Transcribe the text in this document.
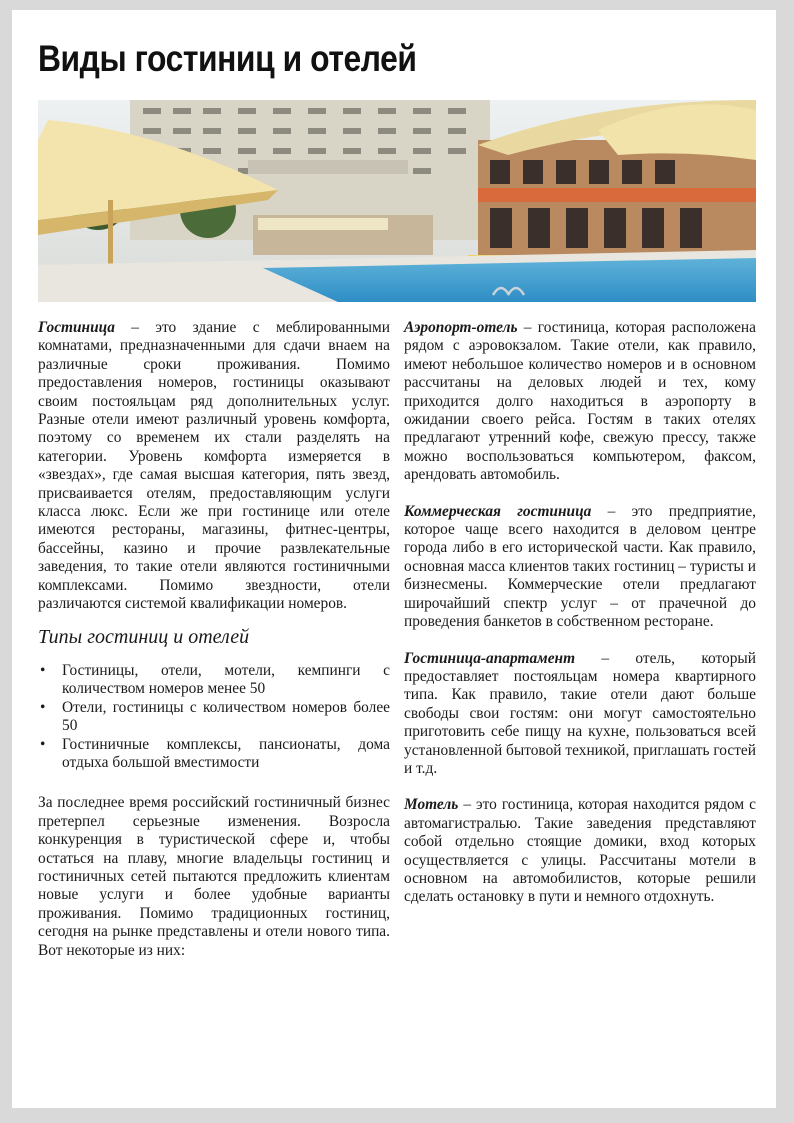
Виды гостиниц и отелей

Гостиница – это здание с меблированными комнатами, предназначенными для сдачи внаем на различные сроки проживания. Помимо предоставления номеров, гостиницы оказывают своим постояльцам ряд дополнительных услуг. Разные отели имеют различный уровень комфорта, поэтому со временем их стали разделять на категории. Уровень комфорта измеряется в «звездах», где самая высшая категория, пять звезд, присваивается отелям, предоставляющим услуги класса люкс. Если же при гостинице или отеле имеются рестораны, магазины, фитнес-центры, бассейны, казино и прочие развлекательные заведения, то такие отели являются гостиничными комплексами. Помимо звездности, отели различаются системой квалификации номеров.

Типы гостиниц и отелей
• Гостиницы, отели, мотели, кемпинги с количеством номеров менее 50
• Отели, гостиницы с количеством номеров более 50
• Гостиничные комплексы, пансионаты, дома отдыха большой вместимости

За последнее время российский гостиничный бизнес претерпел серьезные изменения. Возросла конкуренция в туристической сфере и, чтобы остаться на плаву, многие владельцы гостиниц и гостиничных сетей пытаются предложить клиентам новые услуги и более удобные варианты проживания. Помимо традиционных гостиниц, сегодня на рынке представлены и отели нового типа. Вот некоторые из них:

Аэропорт-отель – гостиница, которая расположена рядом с аэровокзалом. Такие отели, как правило, имеют небольшое количество номеров и в основном рассчитаны на деловых людей и тех, кому приходится долго находиться в аэропорту в ожидании своего рейса. Гостям в таких отелях предлагают утренний кофе, свежую прессу, также можно воспользоваться компьютером, факсом, арендовать автомобиль.

Коммерческая гостиница – это предприятие, которое чаще всего находится в деловом центре города либо в его исторической части. Как правило, основная масса клиентов таких гостиниц – туристы и бизнесмены. Коммерческие отели предлагают широчайший спектр услуг – от прачечной до проведения банкетов в собственном ресторане.

Гостиница-апартамент – отель, который предоставляет постояльцам номера квартирного типа. Как правило, такие отели дают больше свободы свои гостям: они могут самостоятельно приготовить себе пищу на кухне, пользоваться всей установленной бытовой техникой, приглашать гостей и т.д.

Мотель – это гостиница, которая находится рядом с автомагистралью. Такие заведения представляют собой отдельно стоящие домики, вход которых осуществляется с улицы. Рассчитаны мотели в основном на автомобилистов, которые решили сделать остановку в пути и немного отдохнуть.
